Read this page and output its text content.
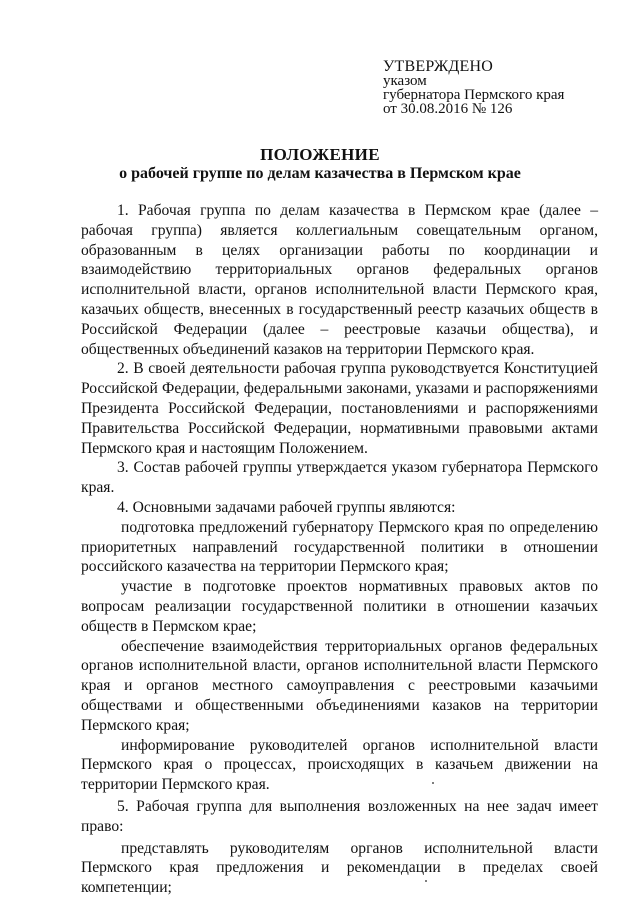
УТВЕРЖДЕНО
указом
губернатора Пермского края
от 30.08.2016 № 126
ПОЛОЖЕНИЕ
о рабочей группе по делам казачества в Пермском крае

1. Рабочая группа по делам казачества в Пермском крае (далее – рабочая группа) является коллегиальным совещательным органом, образованным в целях организации работы по координации и взаимодействию территориальных органов федеральных органов исполнительной власти, органов исполнительной власти Пермского края, казачьих обществ, внесенных в государственный реестр казачьих обществ в Российской Федерации (далее – реестровые казачьи общества), и общественных объединений казаков на территории Пермского края.

2. В своей деятельности рабочая группа руководствуется Конституцией Российской Федерации, федеральными законами, указами и распоряжениями Президента Российской Федерации, постановлениями и распоряжениями Правительства Российской Федерации, нормативными правовыми актами Пермского края и настоящим Положением.

3. Состав рабочей группы утверждается указом губернатора Пермского края.

4. Основными задачами рабочей группы являются:

подготовка предложений губернатору Пермского края по определению приоритетных направлений государственной политики в отношении российского казачества на территории Пермского края;

участие в подготовке проектов нормативных правовых актов по вопросам реализации государственной политики в отношении казачьих обществ в Пермском крае;

обеспечение взаимодействия территориальных органов федеральных органов исполнительной власти, органов исполнительной власти Пермского края и органов местного самоуправления с реестровыми казачьими обществами и общественными объединениями казаков на территории Пермского края;

информирование руководителей органов исполнительной власти Пермского края о процессах, происходящих в казачьем движении на территории Пермского края.

5. Рабочая группа для выполнения возложенных на нее задач имеет право:

представлять руководителям органов исполнительной власти Пермского края предложения и рекомендации в пределах своей компетенции;
